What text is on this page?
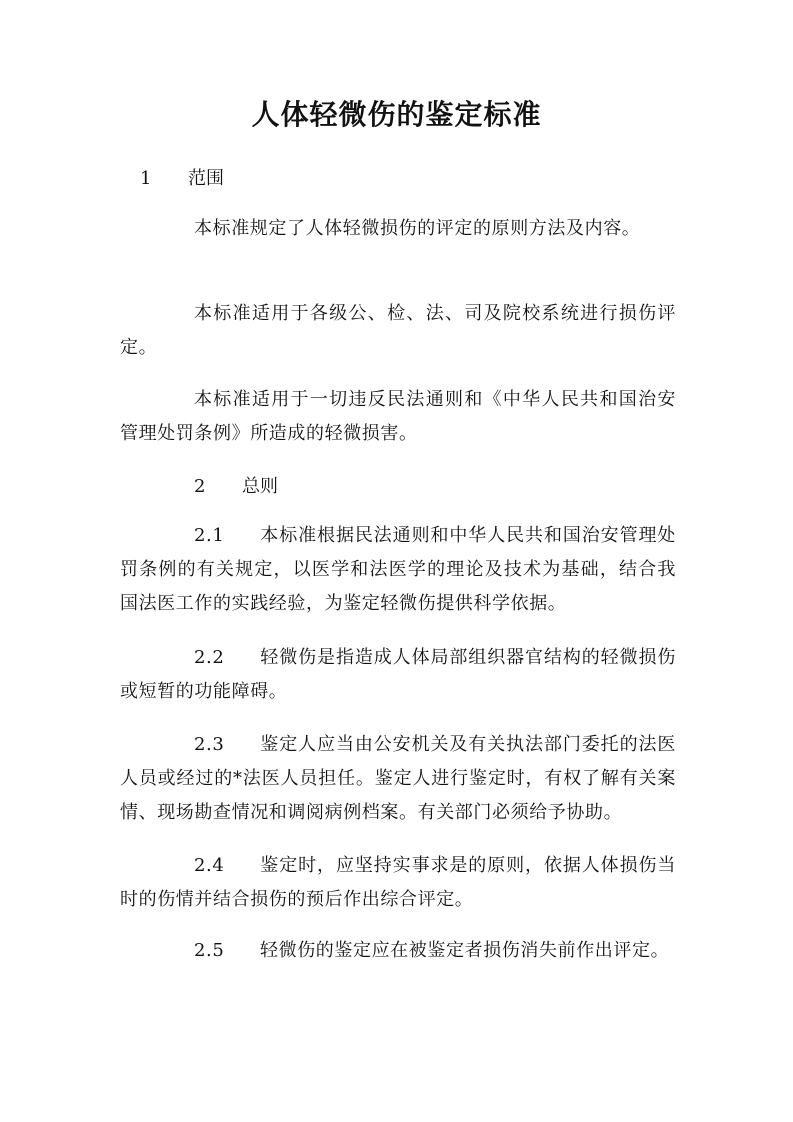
人体轻微伤的鉴定标准
1 范围
本标准规定了人体轻微损伤的评定的原则方法及内容。
本标准适用于各级公、检、法、司及院校系统进行损伤评定。
本标准适用于一切违反民法通则和《中华人民共和国治安管理处罚条例》所造成的轻微损害。
2 总则
2.1 本标准根据民法通则和中华人民共和国治安管理处罚条例的有关规定，以医学和法医学的理论及技术为基础，结合我国法医工作的实践经验，为鉴定轻微伤提供科学依据。
2.2 轻微伤是指造成人体局部组织器官结构的轻微损伤或短暂的功能障碍。
2.3 鉴定人应当由公安机关及有关执法部门委托的法医人员或经过的*法医人员担任。鉴定人进行鉴定时，有权了解有关案情、现场勘查情况和调阅病例档案。有关部门必须给予协助。
2.4 鉴定时，应坚持实事求是的原则，依据人体损伤当时的伤情并结合损伤的预后作出综合评定。
2.5 轻微伤的鉴定应在被鉴定者损伤消失前作出评定。
